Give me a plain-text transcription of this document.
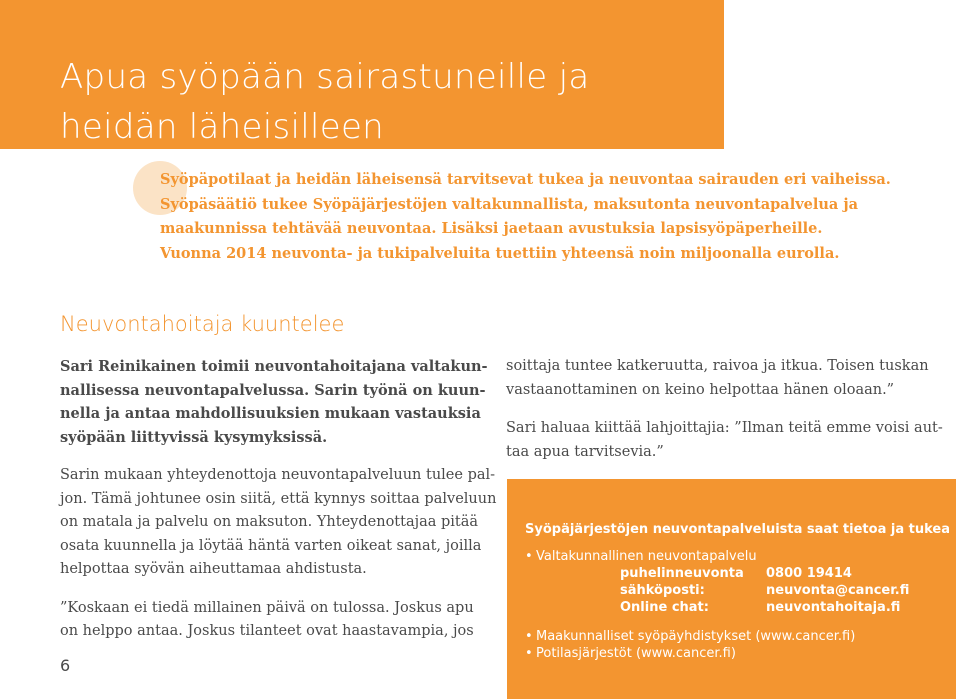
Apua syöpään sairastuneille ja
heidän läheisilleen
Syöpäpotilaat ja heidän läheisensä tarvitsevat tukea ja neuvontaa sairauden eri vaiheissa.
Syöpäsäätiö tukee Syöpäjärjestöjen valtakunnallista, maksutonta neuvontapalvelua ja
maakunnissa tehtävää neuvontaa. Lisäksi jaetaan avustuksia lapsisyöpäperheille.
Vuonna 2014 neuvonta- ja tukipalveluita tuettiin yhteensä noin miljoonalla eurolla.
Neuvontahoitaja kuuntelee
Sari Reinikainen toimii neuvontahoitajana valtakun-
nallisessa neuvontapalvelussa. Sarin työnä on kuun-
nella ja antaa mahdollisuuksien mukaan vastauksia
syöpään liittyvissä kysymyksissä.
Sarin mukaan yhteydenottoja neuvontapalveluun tulee pal-
jon. Tämä johtunee osin siitä, että kynnys soittaa palveluun
on matala ja palvelu on maksuton. Yhteydenottajaa pitää
osata kuunnella ja löytää häntä varten oikeat sanat, joilla
helpottaa syövän aiheuttamaa ahdistusta.
”Koskaan ei tiedä millainen päivä on tulossa. Joskus apu
on helppo antaa. Joskus tilanteet ovat haastavampia, jos
soittaja tuntee katkeruutta, raivoa ja itkua. Toisen tuskan
vastaanottaminen on keino helpottaa hänen oloaan.”
Sari haluaa kiittää lahjoittajia: ”Ilman teitä emme voisi aut-
taa apua tarvitsevia.”
6
Syöpäjärjestöjen neuvontapalveluista saat tietoa ja tukea
• Valtakunnallinen neuvontapalvelu
puhelinneuvonta	0800 19414
sähköposti:	neuvonta@cancer.fi
Online chat:	neuvontahoitaja.fi
• Maakunnalliset syöpäyhdistykset (www.cancer.fi)
• Potilasjärjestöt (www.cancer.fi)
